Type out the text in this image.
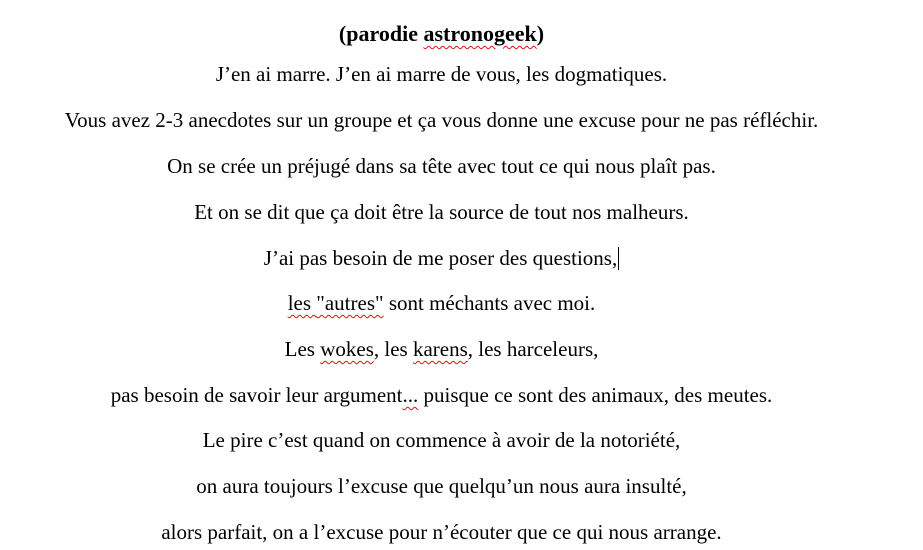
(parodie astronogeek)
J’en ai marre. J’en ai marre de vous, les dogmatiques.
Vous avez 2-3 anecdotes sur un groupe et ça vous donne une excuse pour ne pas réfléchir.
On se crée un préjugé dans sa tête avec tout ce qui nous plaît pas.
Et on se dit que ça doit être la source de tout nos malheurs.
J’ai pas besoin de me poser des questions,
les "autres" sont méchants avec moi.
Les wokes, les karens, les harceleurs,
pas besoin de savoir leur argument... puisque ce sont des animaux, des meutes.
Le pire c’est quand on commence à avoir de la notoriété,
on aura toujours l’excuse que quelqu’un nous aura insulté,
alors parfait, on a l’excuse pour n’écouter que ce qui nous arrange.
